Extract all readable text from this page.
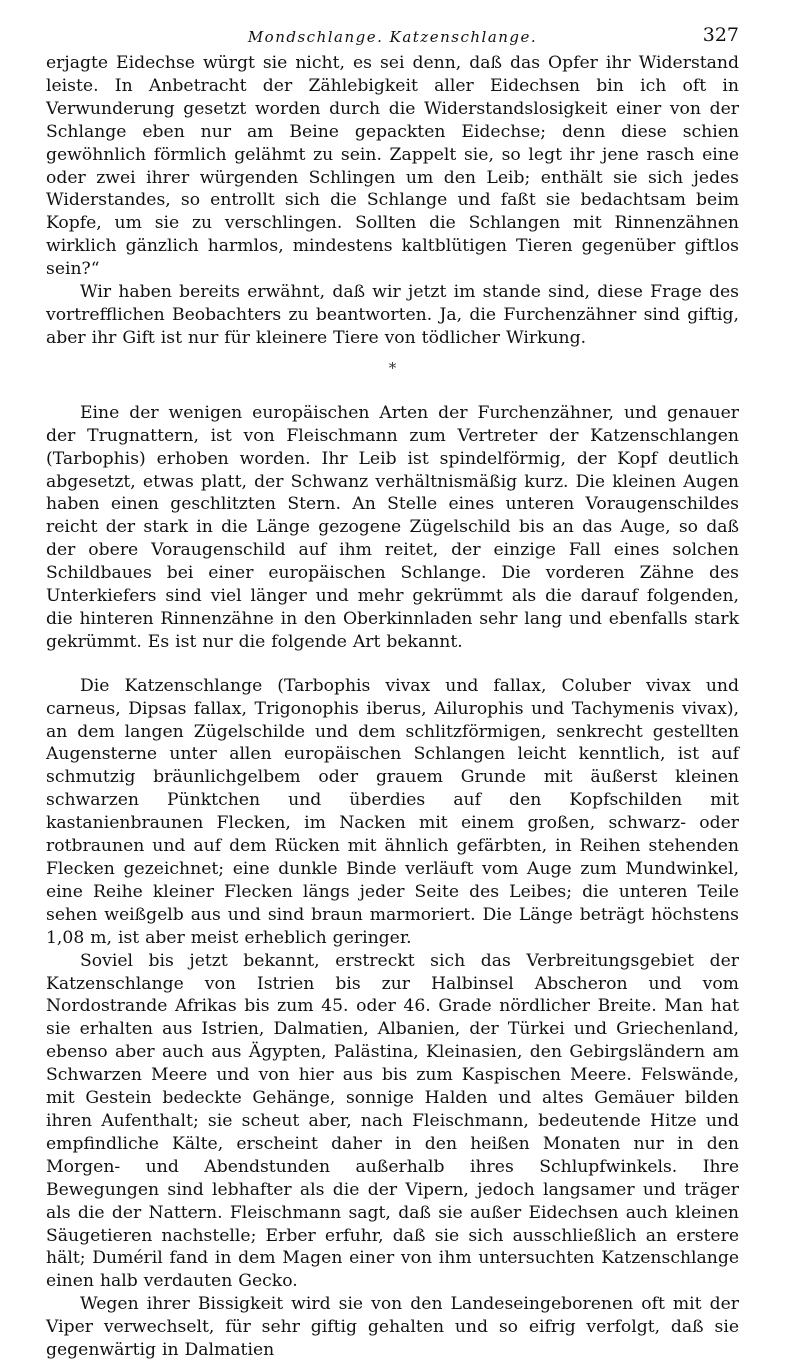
Mondschlange. Katzenschlange.	327

erjagte Eidechse würgt sie nicht, es sei denn, daß das Opfer ihr Widerstand leiste. In Anbetracht der Zählebigkeit aller Eidechsen bin ich oft in Verwunderung gesetzt worden durch die Widerstandslosigkeit einer von der Schlange eben nur am Beine gepackten Eidechse; denn diese schien gewöhnlich förmlich gelähmt zu sein. Zappelt sie, so legt ihr jene rasch eine oder zwei ihrer würgenden Schlingen um den Leib; enthält sie sich jedes Widerstandes, so entrollt sich die Schlange und faßt sie bedachtsam beim Kopfe, um sie zu verschlingen. Sollten die Schlangen mit Rinnenzähnen wirklich gänzlich harmlos, mindestens kaltblütigen Tieren gegenüber giftlos sein?“

Wir haben bereits erwähnt, daß wir jetzt im stande sind, diese Frage des vortrefflichen Beobachters zu beantworten. Ja, die Furchenzähner sind giftig, aber ihr Gift ist nur für kleinere Tiere von tödlicher Wirkung.

*

Eine der wenigen europäischen Arten der Furchenzähner, und genauer der Trugnattern, ist von Fleischmann zum Vertreter der Katzenschlangen (Tarbophis) erhoben worden. Ihr Leib ist spindelförmig, der Kopf deutlich abgesetzt, etwas platt, der Schwanz verhältnismäßig kurz. Die kleinen Augen haben einen geschlitzten Stern. An Stelle eines unteren Voraugenschildes reicht der stark in die Länge gezogene Zügelschild bis an das Auge, so daß der obere Voraugenschild auf ihm reitet, der einzige Fall eines solchen Schildbaues bei einer europäischen Schlange. Die vorderen Zähne des Unterkiefers sind viel länger und mehr gekrümmt als die darauf folgenden, die hinteren Rinnenzähne in den Oberkinnladen sehr lang und ebenfalls stark gekrümmt. Es ist nur die folgende Art bekannt.

Die Katzenschlange (Tarbophis vivax und fallax, Coluber vivax und carneus, Dipsas fallax, Trigonophis iberus, Ailurophis und Tachymenis vivax), an dem langen Zügelschilde und dem schlitzförmigen, senkrecht gestellten Augensterne unter allen europäischen Schlangen leicht kenntlich, ist auf schmutzig bräunlichgelbem oder grauem Grunde mit äußerst kleinen schwarzen Pünktchen und überdies auf den Kopfschilden mit kastanienbraunen Flecken, im Nacken mit einem großen, schwarz- oder rotbraunen und auf dem Rücken mit ähnlich gefärbten, in Reihen stehenden Flecken gezeichnet; eine dunkle Binde verläuft vom Auge zum Mundwinkel, eine Reihe kleiner Flecken längs jeder Seite des Leibes; die unteren Teile sehen weißgelb aus und sind braun marmoriert. Die Länge beträgt höchstens 1,08 m, ist aber meist erheblich geringer.

Soviel bis jetzt bekannt, erstreckt sich das Verbreitungsgebiet der Katzenschlange von Istrien bis zur Halbinsel Abscheron und vom Nordostrande Afrikas bis zum 45. oder 46. Grade nördlicher Breite. Man hat sie erhalten aus Istrien, Dalmatien, Albanien, der Türkei und Griechenland, ebenso aber auch aus Ägypten, Palästina, Kleinasien, den Gebirgsländern am Schwarzen Meere und von hier aus bis zum Kaspischen Meere. Felswände, mit Gestein bedeckte Gehänge, sonnige Halden und altes Gemäuer bilden ihren Aufenthalt; sie scheut aber, nach Fleischmann, bedeutende Hitze und empfindliche Kälte, erscheint daher in den heißen Monaten nur in den Morgen- und Abendstunden außerhalb ihres Schlupfwinkels. Ihre Bewegungen sind lebhafter als die der Vipern, jedoch langsamer und träger als die der Nattern. Fleischmann sagt, daß sie außer Eidechsen auch kleinen Säugetieren nachstelle; Erber erfuhr, daß sie sich ausschließlich an erstere hält; Duméril fand in dem Magen einer von ihm untersuchten Katzenschlange einen halb verdauten Gecko.

Wegen ihrer Bissigkeit wird sie von den Landeseingeborenen oft mit der Viper verwechselt, für sehr giftig gehalten und so eifrig verfolgt, daß sie gegenwärtig in Dalmatien
